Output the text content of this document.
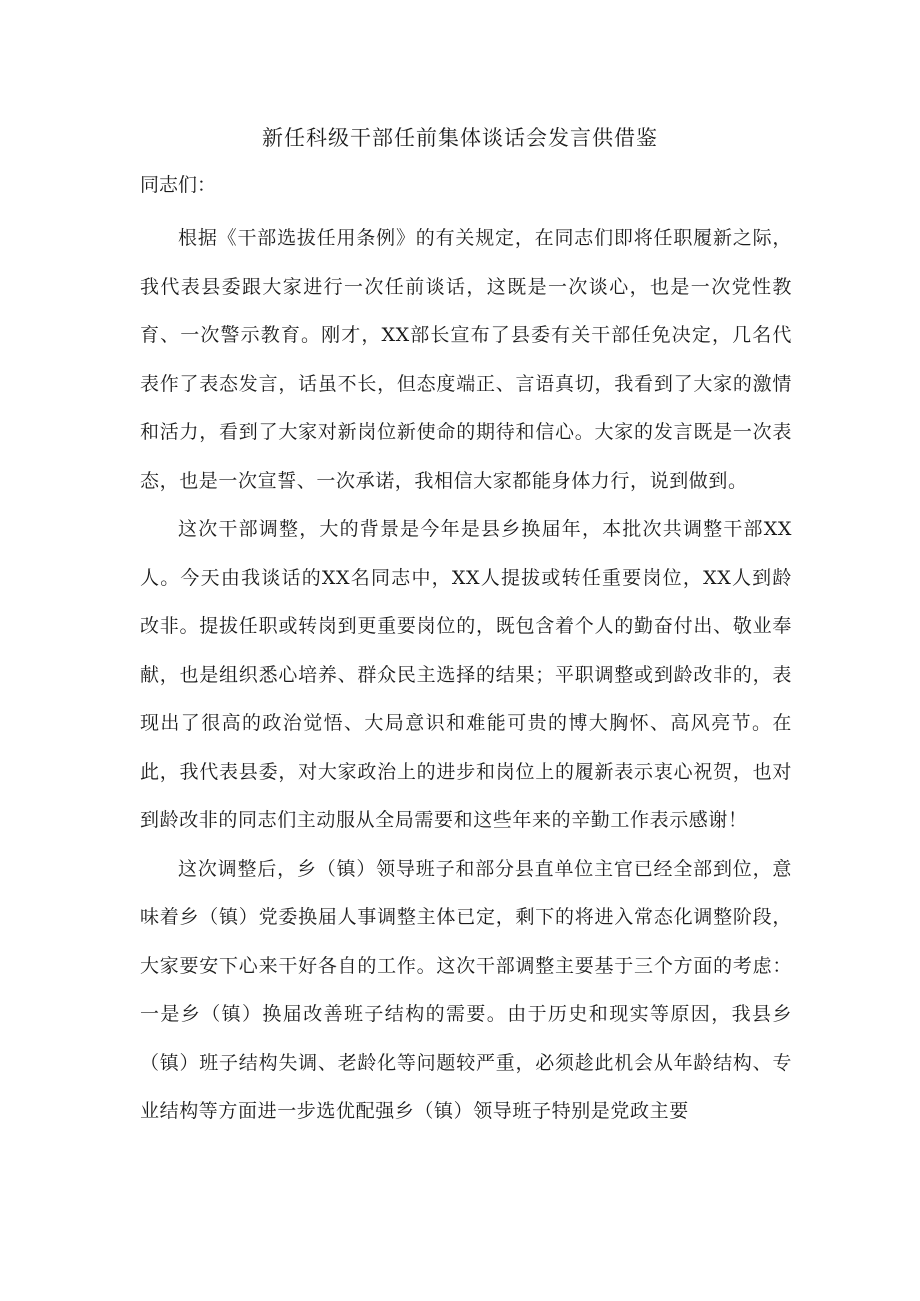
新任科级干部任前集体谈话会发言供借鉴
同志们：

根据《干部选拔任用条例》的有关规定，在同志们即将任职履新之际，我代表县委跟大家进行一次任前谈话，这既是一次谈心，也是一次党性教育、一次警示教育。刚才，XX部长宣布了县委有关干部任免决定，几名代表作了表态发言，话虽不长，但态度端正、言语真切，我看到了大家的激情和活力，看到了大家对新岗位新使命的期待和信心。大家的发言既是一次表态，也是一次宣誓、一次承诺，我相信大家都能身体力行，说到做到。

这次干部调整，大的背景是今年是县乡换届年，本批次共调整干部XX人。今天由我谈话的XX名同志中，XX人提拔或转任重要岗位，XX人到龄改非。提拔任职或转岗到更重要岗位的，既包含着个人的勤奋付出、敬业奉献，也是组织悉心培养、群众民主选择的结果；平职调整或到龄改非的，表现出了很高的政治觉悟、大局意识和难能可贵的博大胸怀、高风亮节。在此，我代表县委，对大家政治上的进步和岗位上的履新表示衷心祝贺，也对到龄改非的同志们主动服从全局需要和这些年来的辛勤工作表示感谢！

这次调整后，乡（镇）领导班子和部分县直单位主官已经全部到位，意味着乡（镇）党委换届人事调整主体已定，剩下的将进入常态化调整阶段，大家要安下心来干好各自的工作。这次干部调整主要基于三个方面的考虑：一是乡（镇）换届改善班子结构的需要。由于历史和现实等原因，我县乡（镇）班子结构失调、老龄化等问题较严重，必须趁此机会从年龄结构、专业结构等方面进一步选优配强乡（镇）领导班子特别是党政主要
